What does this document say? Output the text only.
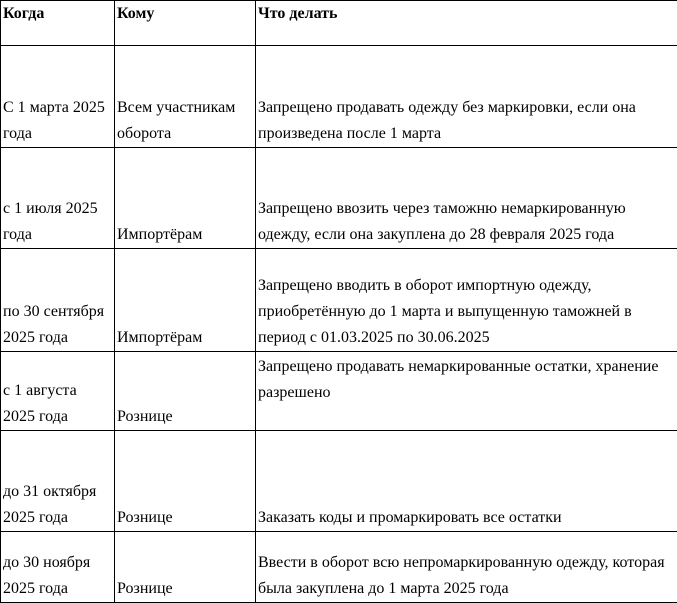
Когда	Кому	Что делать
С 1 марта 2025 года	Всем участникам оборота	Запрещено продавать одежду без маркировки, если она произведена после 1 марта
с 1 июля 2025 года	Импортёрам	Запрещено ввозить через таможню немаркированную одежду, если она закуплена до 28 февраля 2025 года
по 30 сентября 2025 года	Импортёрам	Запрещено вводить в оборот импортную одежду, приобретённую до 1 марта и выпущенную таможней в период с 01.03.2025 по 30.06.2025
с 1 августа 2025 года	Рознице	Запрещено продавать немаркированные остатки, хранение разрешено
до 31 октября 2025 года	Рознице	Заказать коды и промаркировать все остатки
до 30 ноября 2025 года	Рознице	Ввести в оборот всю непромаркированную одежду, которая была закуплена до 1 марта 2025 года
